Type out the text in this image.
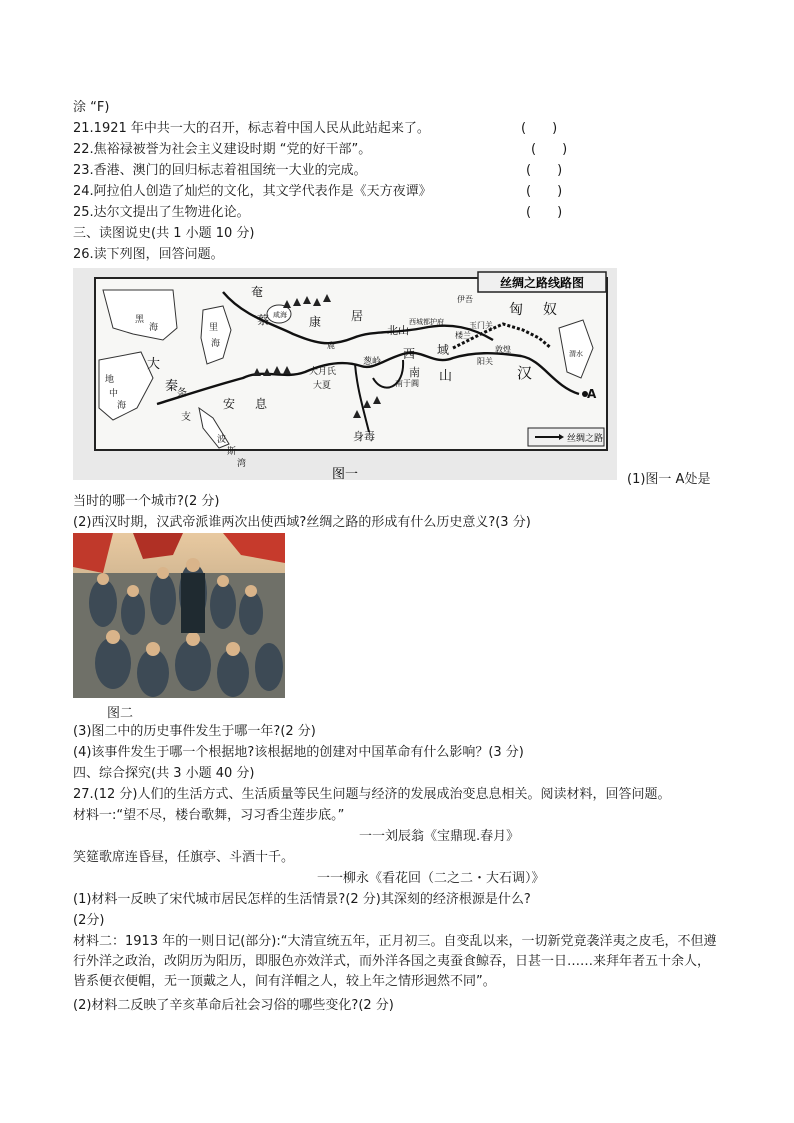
涂 “F)
21.1921 年中共一大的召开，标志着中国人民从此站起来了。	(　　)
22.焦裕禄被誉为社会主义建设时期 “党的好干部”。	(　　)
23.香港、澳门的回归标志着祖国统一大业的完成。	(　　)
24.阿拉伯人创造了灿烂的文化，其文学代表作是《天方夜谭》	(　　)
25.达尔文提出了生物进化论。	(　　)
三、读图说史(共 1 小题 10 分)
26.读下列图，回答问题。
丝绸之路线路图
丝绸之路
黑
海
大
秦
地
中
海
条
支
安 息
大月氏
大夏
葱岭
康 居
奄
蔡
里
海
咸海
北山
西城都护府
南 山
西 域
楼兰
玉门关
阳关
敦煌
伊吾
匈 奴
汉
渭水
A
身毒
波
斯
湾
南于阗
鹿
图一	(1)图一 A处是
当时的哪一个城市?(2 分)
(2)西汉时期，汉武帝派谁两次出使西域?丝绸之路的形成有什么历史意义?(3 分)
图二
(3)图二中的历史事件发生于哪一年?(2 分)
(4)该事件发生于哪一个根据地?该根据地的创建对中国革命有什么影响？(3 分)
四、综合探究(共 3 小题 40 分)
27.(12 分)人们的生活方式、生活质量等民生问题与经济的发展成治变息息相关。阅读材料，回答问题。
材料一:“望不尽，楼台歌舞，习习香尘莲步底。”
一一刘辰翁《宝鼎现.春月》
笑筵歌席连昏昼，任旗亭、斗酒十千。
一一柳永《看花回（二之二・大石调）》
(1)材料一反映了宋代城市居民怎样的生活情景?(2 分)其深刻的经济根源是什么?
(2分)
材料二：1913 年的一则日记(部分):“大清宣统五年，正月初三。自变乱以来，一切新党竟袭洋夷之皮毛，不但遵行外洋之政治，改阴历为阳历，即服色亦效洋式，而外洋各国之夷蚕食鲸吞，日甚一日……来拜年者五十余人，皆系便衣便帽，无一顶戴之人，间有洋帽之人，较上年之情形迥然不同”。
(2)材料二反映了辛亥革命后社会习俗的哪些变化?(2 分)
